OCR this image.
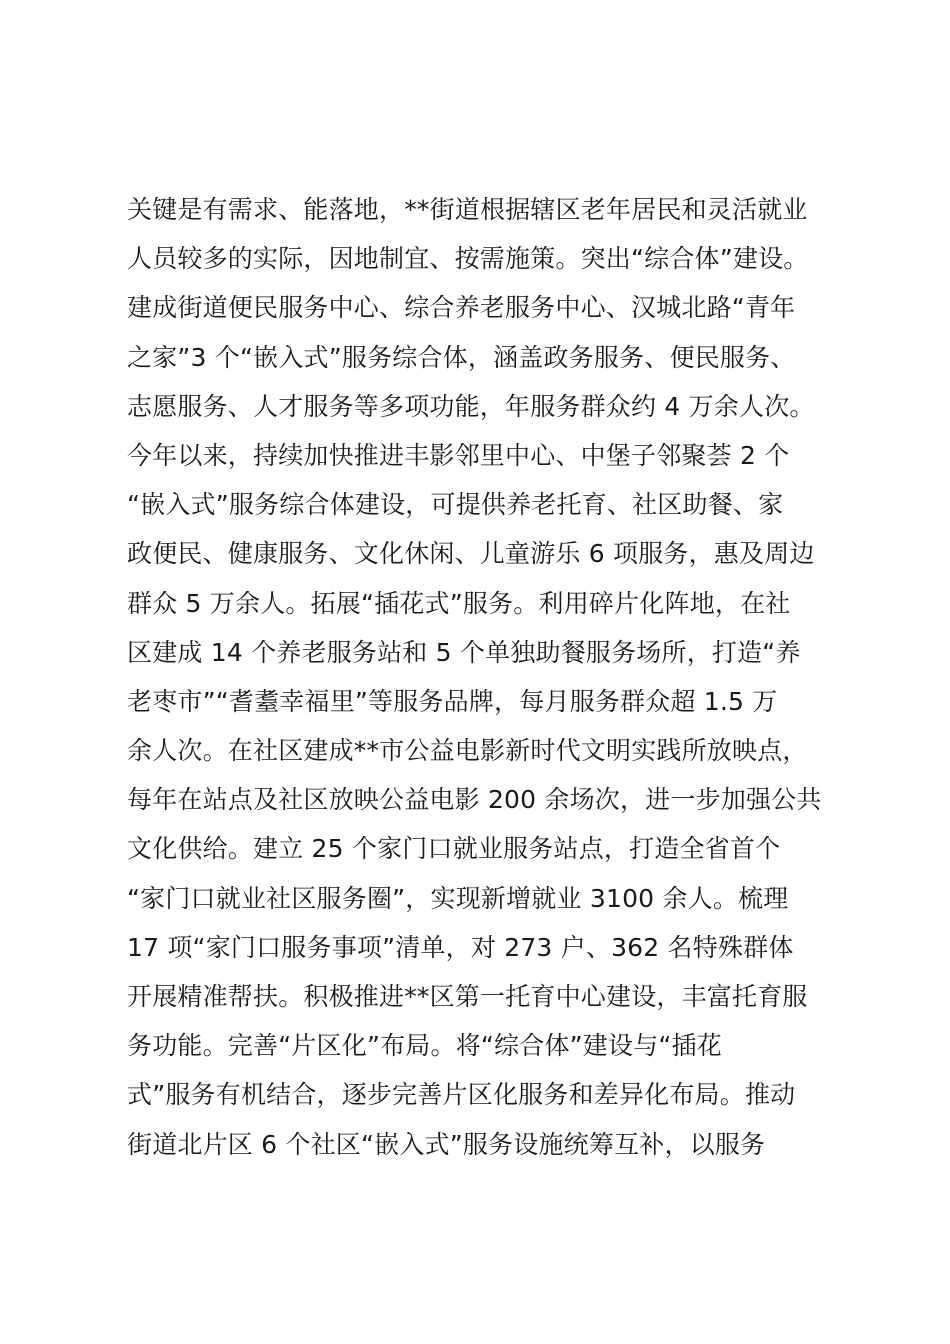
关键是有需求、能落地，**街道根据辖区老年居民和灵活就业
人员较多的实际，因地制宜、按需施策。突出“综合体”建设。
建成街道便民服务中心、综合养老服务中心、汉城北路“青年
之家”3 个“嵌入式”服务综合体，涵盖政务服务、便民服务、
志愿服务、人才服务等多项功能，年服务群众约 4 万余人次。
今年以来，持续加快推进丰影邻里中心、中堡子邻聚荟 2 个
“嵌入式”服务综合体建设，可提供养老托育、社区助餐、家
政便民、健康服务、文化休闲、儿童游乐 6 项服务，惠及周边
群众 5 万余人。拓展“插花式”服务。利用碎片化阵地，在社
区建成 14 个养老服务站和 5 个单独助餐服务场所，打造“养
老枣市”“耆耋幸福里”等服务品牌，每月服务群众超 1.5 万
余人次。在社区建成**市公益电影新时代文明实践所放映点，
每年在站点及社区放映公益电影 200 余场次，进一步加强公共
文化供给。建立 25 个家门口就业服务站点，打造全省首个
“家门口就业社区服务圈”，实现新增就业 3100 余人。梳理
17 项“家门口服务事项”清单，对 273 户、362 名特殊群体
开展精准帮扶。积极推进**区第一托育中心建设，丰富托育服
务功能。完善“片区化”布局。将“综合体”建设与“插花
式”服务有机结合，逐步完善片区化服务和差异化布局。推动
街道北片区 6 个社区“嵌入式”服务设施统筹互补，以服务
